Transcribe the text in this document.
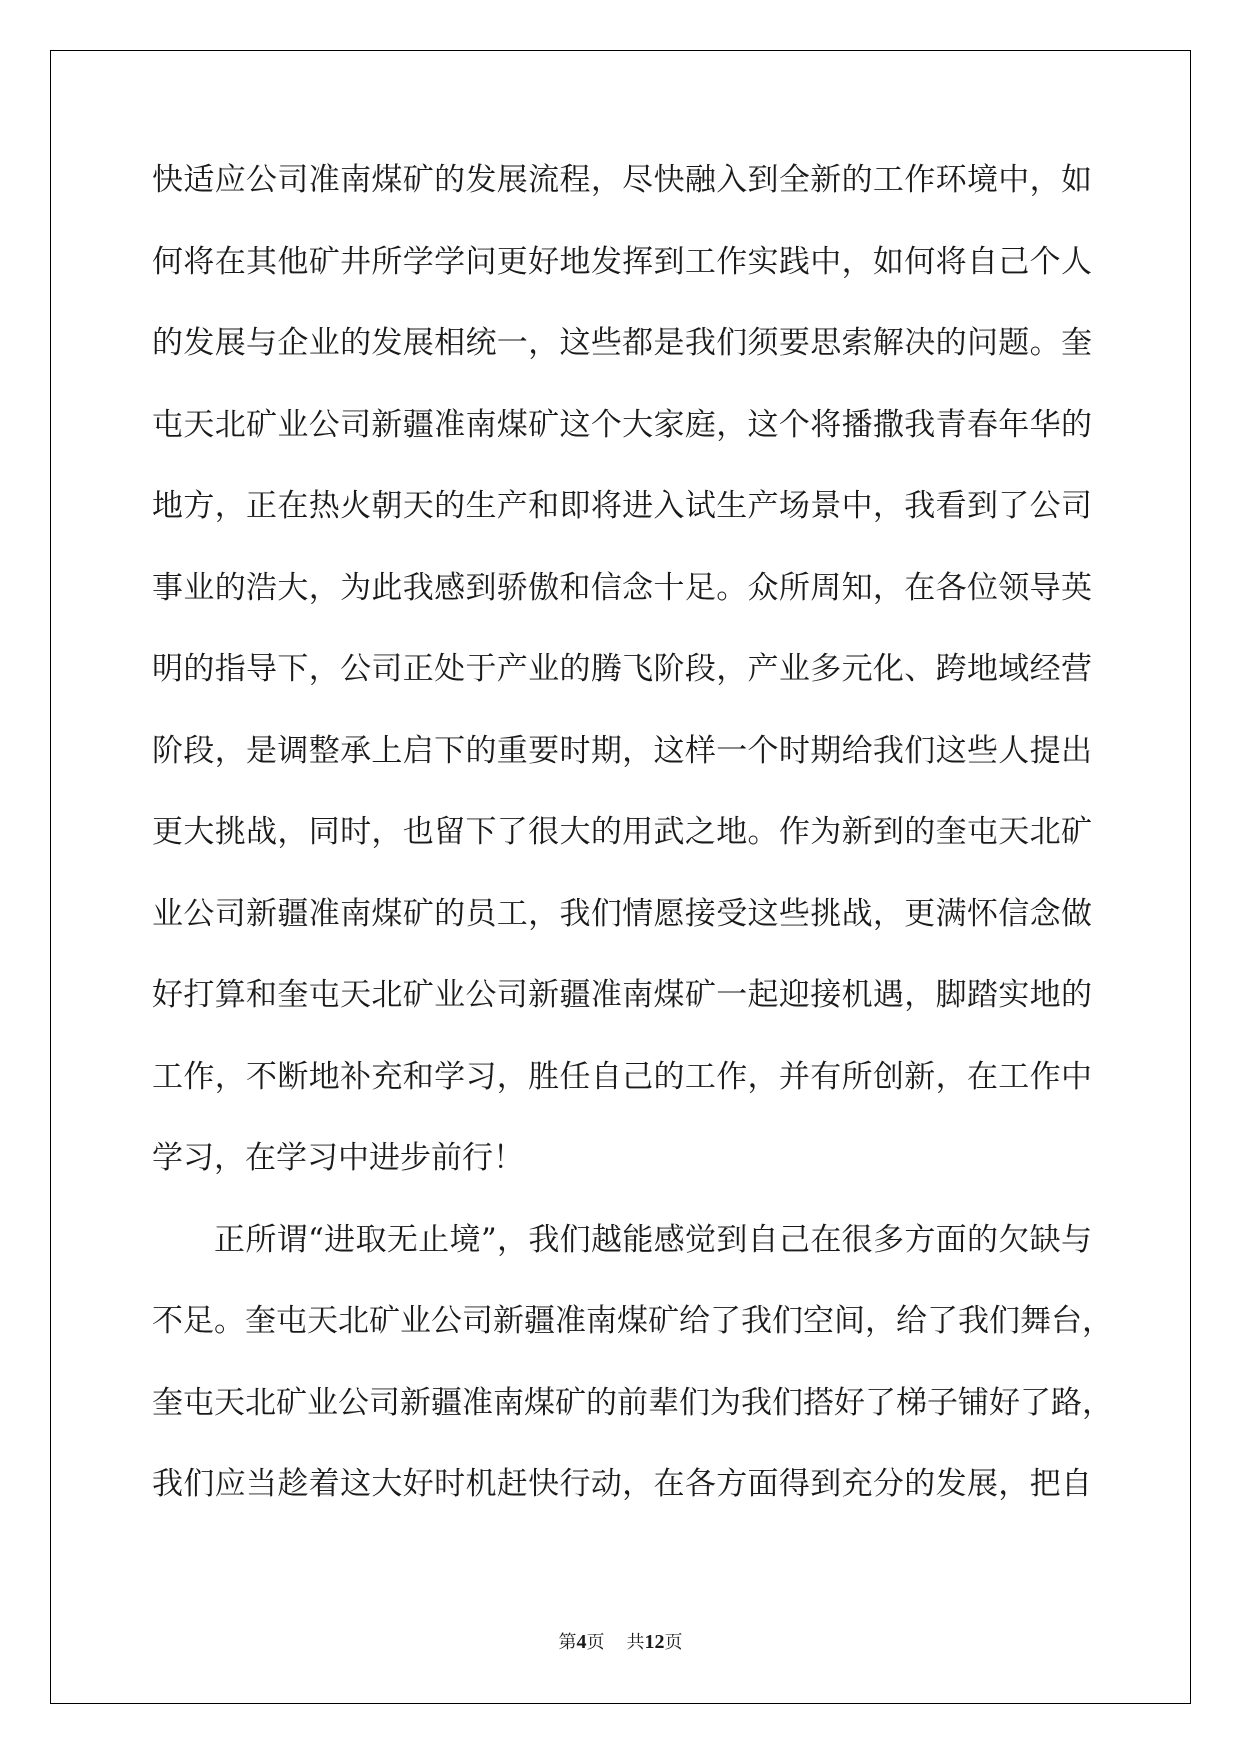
快适应公司准南煤矿的发展流程，尽快融入到全新的工作环境中，如
何将在其他矿井所学学问更好地发挥到工作实践中，如何将自己个人
的发展与企业的发展相统一，这些都是我们须要思索解决的问题。奎
屯天北矿业公司新疆准南煤矿这个大家庭，这个将播撒我青春年华的
地方，正在热火朝天的生产和即将进入试生产场景中，我看到了公司
事业的浩大，为此我感到骄傲和信念十足。众所周知，在各位领导英
明的指导下，公司正处于产业的腾飞阶段，产业多元化、跨地域经营
阶段，是调整承上启下的重要时期，这样一个时期给我们这些人提出
更大挑战，同时，也留下了很大的用武之地。作为新到的奎屯天北矿
业公司新疆准南煤矿的员工，我们情愿接受这些挑战，更满怀信念做
好打算和奎屯天北矿业公司新疆准南煤矿一起迎接机遇，脚踏实地的
工作，不断地补充和学习，胜任自己的工作，并有所创新，在工作中
学习，在学习中进步前行！
正所谓“进取无止境”，我们越能感觉到自己在很多方面的欠缺与
不足。奎屯天北矿业公司新疆准南煤矿给了我们空间，给了我们舞台，
奎屯天北矿业公司新疆准南煤矿的前辈们为我们搭好了梯子铺好了路，
我们应当趁着这大好时机赶快行动，在各方面得到充分的发展，把自
第4页 共12页
